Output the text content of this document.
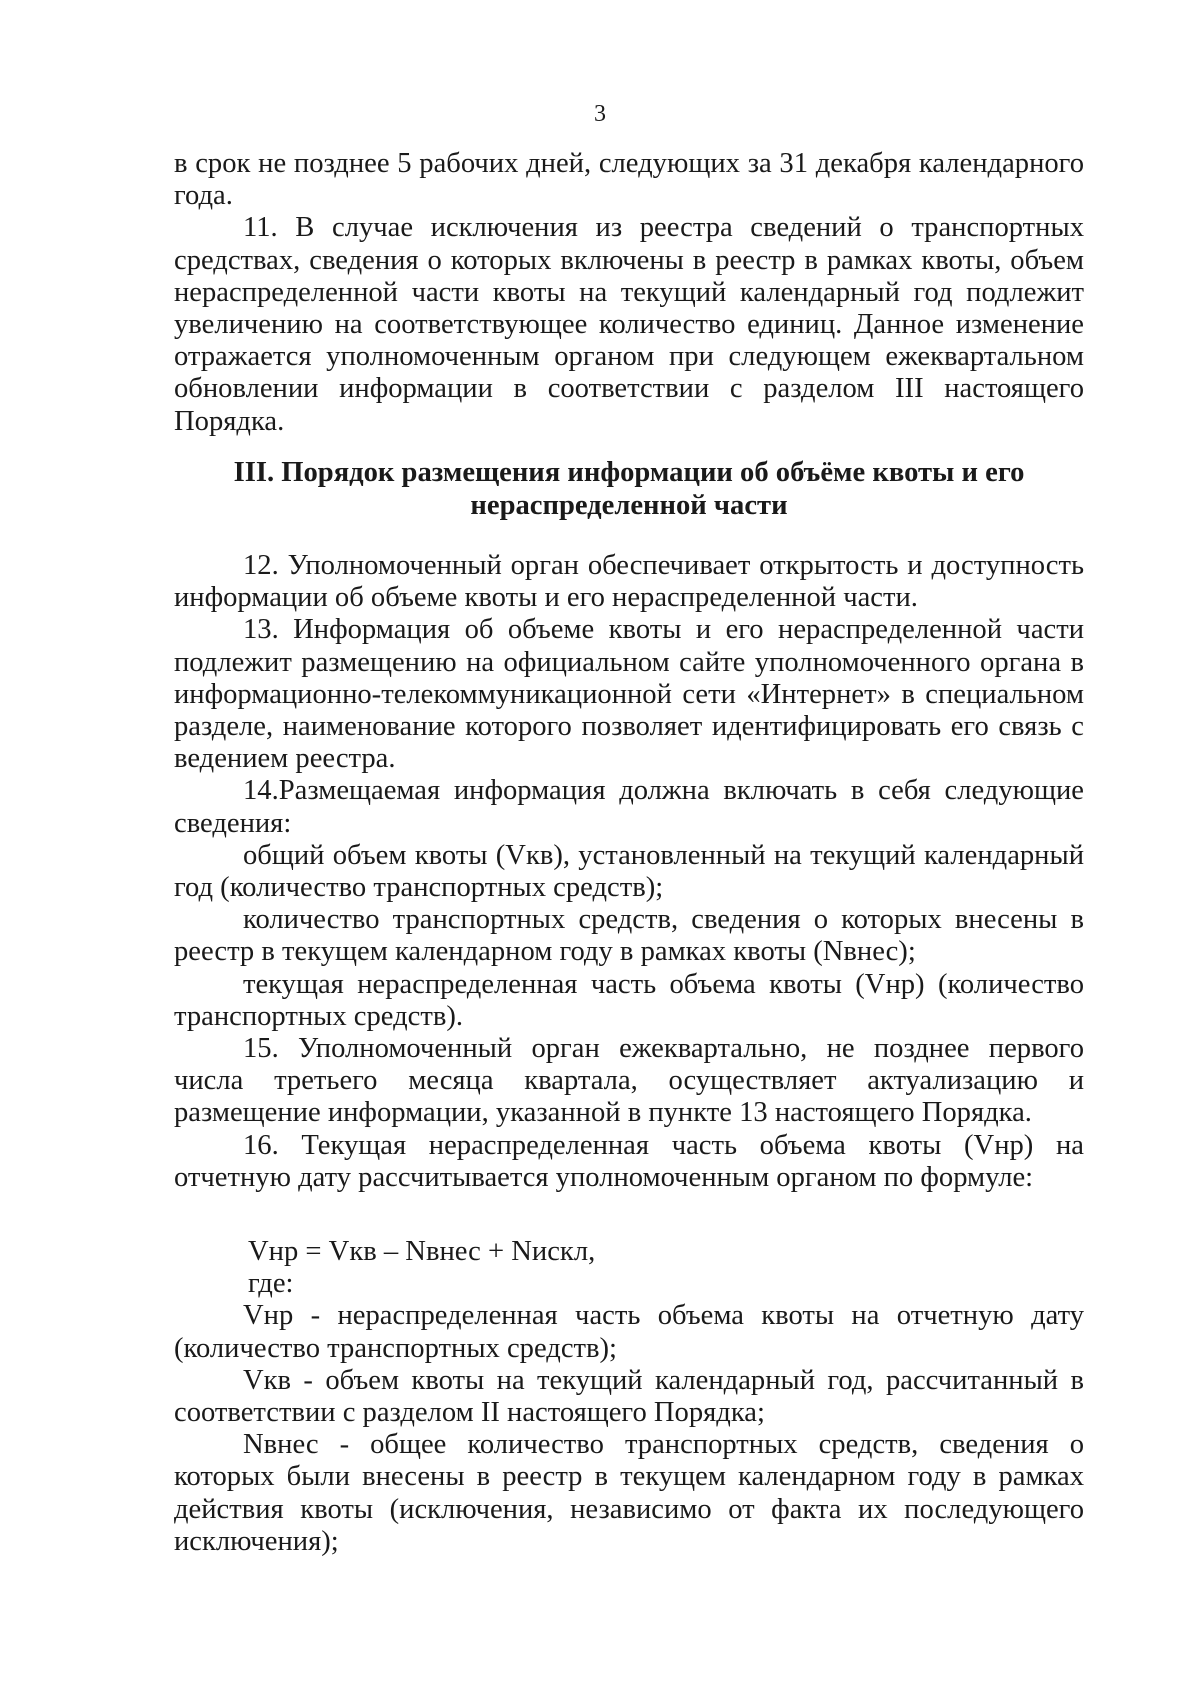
3

в срок не позднее 5 рабочих дней, следующих за 31 декабря календарного года.

11. В случае исключения из реестра сведений о транспортных средствах, сведения о которых включены в реестр в рамках квоты, объем нераспределенной части квоты на текущий календарный год подлежит увеличению на соответствующее количество единиц. Данное изменение отражается уполномоченным органом при следующем ежеквартальном обновлении информации в соответствии с разделом III настоящего Порядка.

III. Порядок размещения информации об объёме квоты и его
нераспределенной части

12. Уполномоченный орган обеспечивает открытость и доступность информации об объеме квоты и его нераспределенной части.

13. Информация об объеме квоты и его нераспределенной части подлежит размещению на официальном сайте уполномоченного органа в информационно-телекоммуникационной сети «Интернет» в специальном разделе, наименование которого позволяет идентифицировать его связь с ведением реестра.

14.Размещаемая информация должна включать в себя следующие сведения:

общий объем квоты (Vкв), установленный на текущий календарный год (количество транспортных средств);

количество транспортных средств, сведения о которых внесены в реестр в текущем календарном году в рамках квоты (Nвнес);

текущая нераспределенная часть объема квоты (Vнр) (количество транспортных средств).

15. Уполномоченный орган ежеквартально, не позднее первого числа третьего месяца квартала, осуществляет актуализацию и размещение информации, указанной в пункте 13 настоящего Порядка.

16. Текущая нераспределенная часть объема квоты (Vнр) на отчетную дату рассчитывается уполномоченным органом по формуле:

Vнр = Vкв – Nвнес + Nискл,

где:

Vнр - нераспределенная часть объема квоты на отчетную дату (количество транспортных средств);

Vкв - объем квоты на текущий календарный год, рассчитанный в соответствии с разделом II настоящего Порядка;

Nвнес - общее количество транспортных средств, сведения о которых были внесены в реестр в текущем календарном году в рамках действия квоты (исключения, независимо от факта их последующего исключения);
